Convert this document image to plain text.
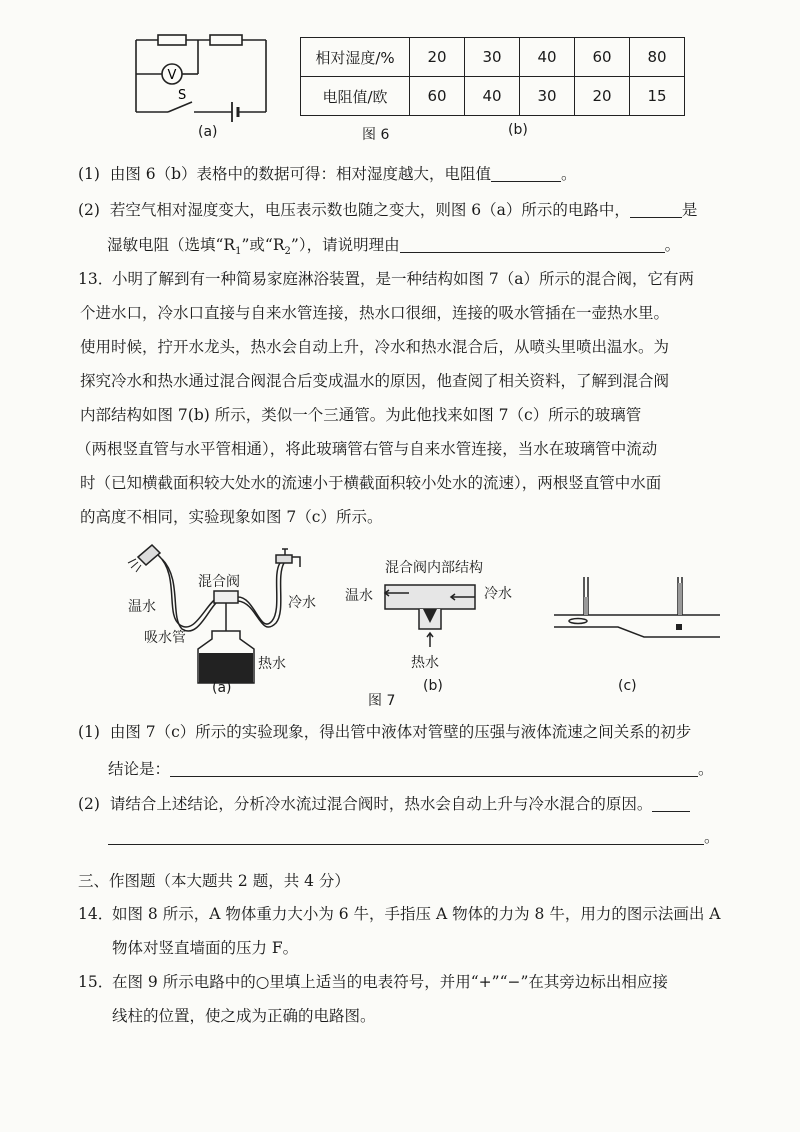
V
S
(a)
相对湿度/%	20	30	40	60	80
电阻值/欧	60	40	30	20	15
图 6	(b)
(1) 由图 6（b）表格中的数据可得：相对湿度越大，电阻值	。
(2) 若空气相对湿度变大，电压表示数也随之变大，则图 6（a）所示的电路中，	是
湿敏电阻（选填“$R_1$”或“$R_2$”），请说明理由	。
13．
小明了解到有一种简易家庭淋浴装置，是一种结构如图 7（a）所示的混合阀，它有两
个进水口，冷水口直接与自来水管连接，热水口很细，连接的吸水管插在一壶热水里。
使用时候，拧开水龙头，热水会自动上升，冷水和热水混合后，从喷头里喷出温水。为
探究冷水和热水通过混合阀混合后变成温水的原因，他查阅了相关资料，了解到混合阀
内部结构如图 7(b) 所示，类似一个三通管。为此他找来如图 7（c）所示的玻璃管
（两根竖直管与水平管相通），将此玻璃管右管与自来水管连接，当水在玻璃管中流动
时（已知横截面积较大处水的流速小于横截面积较小处水的流速），两根竖直管中水面
的高度不相同，实验现象如图 7（c）所示。
混合阀
温水	冷水
吸水管
热水
(a)
混合阀内部结构
温水	冷水
热水
(b)
图 7
(c)
(1) 由图 7（c）所示的实验现象，得出管中液体对管壁的压强与液体流速之间关系的初步
结论是：	。
(2) 请结合上述结论，分析冷水流过混合阀时，热水会自动上升与冷水混合的原因。
。
三、作图题（本大题共 2 题，共 4 分）
14．
如图 8 所示，A 物体重力大小为 6 牛，手指压 A 物体的力为 8 牛，用力的图示法画出 A
物体对竖直墙面的压力 F。
15．
在图 9 所示电路中的○里填上适当的电表符号，并用“+”“−”在其旁边标出相应接
线柱的位置，使之成为正确的电路图。
